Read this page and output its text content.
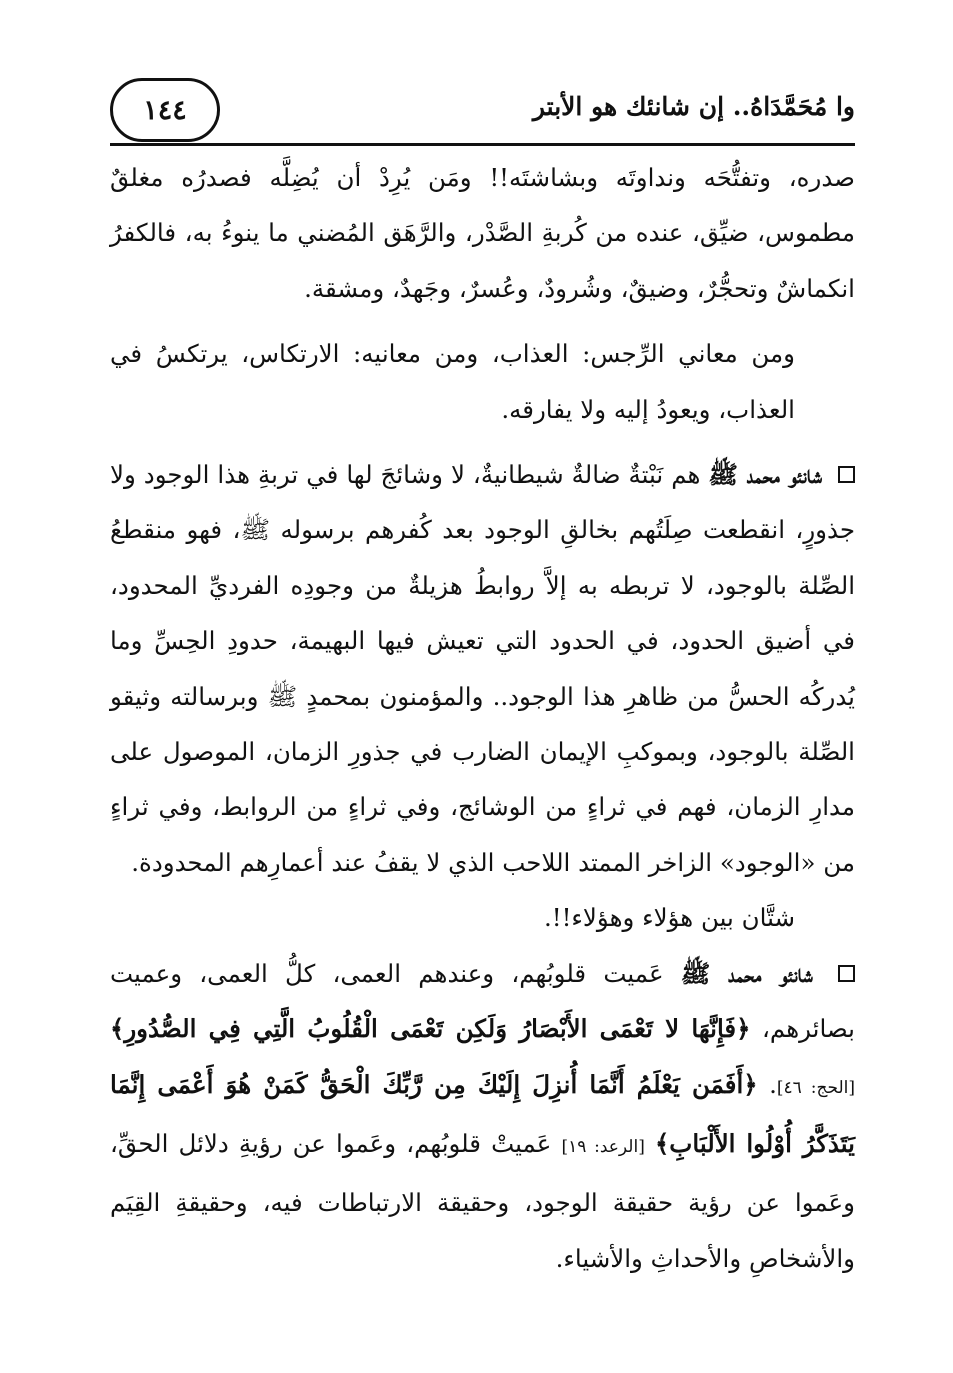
١٤٤	وا مُحَمَّدَاهُ.. إن شانئك هو الأبتر

صدره، وتفتُّحَه ونداوتَه وبشاشتَه!! ومَن يُرِدْ أن يُضِلَّه فصدرُه مغلقٌ مطموس، ضيِّق، عنده من كُربةِ الصَّدْر، والرَّهَق المُضني ما ينوءُ به، فالكفرُ انكماشٌ وتحجُّرٌ، وضيقٌ، وشُرودٌ، وعُسرٌ، وجَهدٌ، ومشقة.

ومن معاني الرِّجس: العذاب، ومن معانيه: الارتكاس، يرتكسُ في العذاب، ويعودُ إليه ولا يفارقه.

شانئو محمد ﷺ هم نَبْتةٌ ضالةٌ شيطانيةٌ، لا وشائجَ لها في تربةِ هذا الوجود ولا جذورٍ، انقطعت صِلَتُهم بخالقِ الوجود بعد كُفرهم برسوله ﷺ، فهو منقطعُ الصِّلة بالوجود، لا تربطه به إلاَّ روابطُ هزيلةٌ من وجودِه الفرديِّ المحدود، في أضيق الحدود، في الحدود التي تعيش فيها البهيمة، حدودِ الحِسِّ وما يُدركُه الحسُّ من ظاهرِ هذا الوجود.. والمؤمنون بمحمدٍ ﷺ وبرسالته وثيقو الصِّلة بالوجود، وبموكبِ الإيمان الضارب في جذورِ الزمان، الموصول على مدارِ الزمان، فهم في ثراءٍ من الوشائج، وفي ثراءٍ من الروابط، وفي ثراءٍ من «الوجود» الزاخر الممتد اللاحب الذي لا يقفُ عند أعمارِهم المحدودة.

شتَّان بين هؤلاء وهؤلاء!!.

شانئو محمد ﷺ عَميت قلوبُهم، وعندهم العمى، كلُّ العمى، وعميت بصائرهم، ﴿فَإِنَّهَا لا تَعْمَى الأَبْصَارُ وَلَكِن تَعْمَى الْقُلُوبُ الَّتِي فِي الصُّدُورِ﴾ [الحج: ٤٦]. ﴿أَفَمَن يَعْلَمُ أَنَّمَا أُنزِلَ إِلَيْكَ مِن رَّبِّكَ الْحَقُّ كَمَنْ هُوَ أَعْمَى إِنَّمَا يَتَذَكَّرُ أُوْلُوا الأَلْبَابِ﴾ [الرعد: ١٩] عَميتْ قلوبُهم، وعَموا عن رؤيةِ دلائل الحقِّ، وعَموا عن رؤية حقيقة الوجود، وحقيقة الارتباطات فيه، وحقيقةِ القِيَم والأشخاصِ والأحداثِ والأشياء.
